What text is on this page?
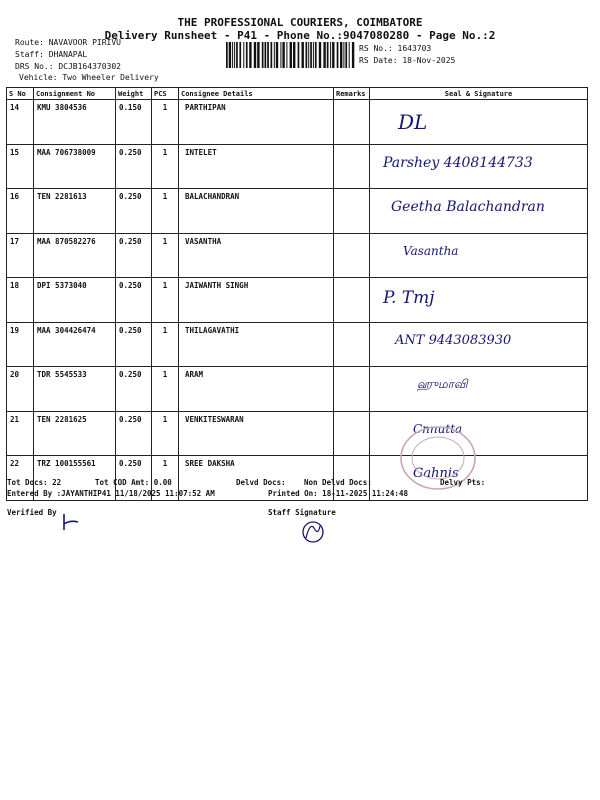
THE PROFESSIONAL COURIERS, COIMBATORE
Delivery Runsheet - P41 - Phone No.:9047080280 - Page No.:2
Route: NAVAVOOR PIRIVU
Staff: DHANAPAL
DRS No.: DCJB164370302
Vehicle: Two Wheeler Delivery
RS No.: 1643703
RS Date: 18-Nov-2025
S No	Consignment No	Weight	PCS	Consignee Details	Remarks	Seal & Signature
14	KMU 3804536	0.150	1	PARTHIPAN		DL

15	MAA 706738009	0.250	1	INTELET		Parshey 4408144733

16	TEN 2281613	0.250	1	BALACHANDRAN		Geetha Balachandran

17	MAA 870582276	0.250	1	VASANTHA		Vasantha

18	DPI 5373040	0.250	1	JAIWANTH SINGH		P. Tmj

19	MAA 304426474	0.250	1	THILAGAVATHI		ANT 9443083930

20	TDR 5545533	0.250	1	ARAM		ஹுமாவி

21	TEN 2281625	0.250	1	VENKITESWARAN		Cnnutta

22	TRZ 100155561	0.250	1	SREE DAKSHA		Gahnis
Tot Docs: 22	Tot COD Amt: 0.00	Delvd Docs: Non Delvd Docs:	Delvy Pts:
Entered By :JAYANTHIP41 11/18/2025 11:07:52 AM	Printed On: 18-11-2025 11:24:48
Verified By	Staff Signature
